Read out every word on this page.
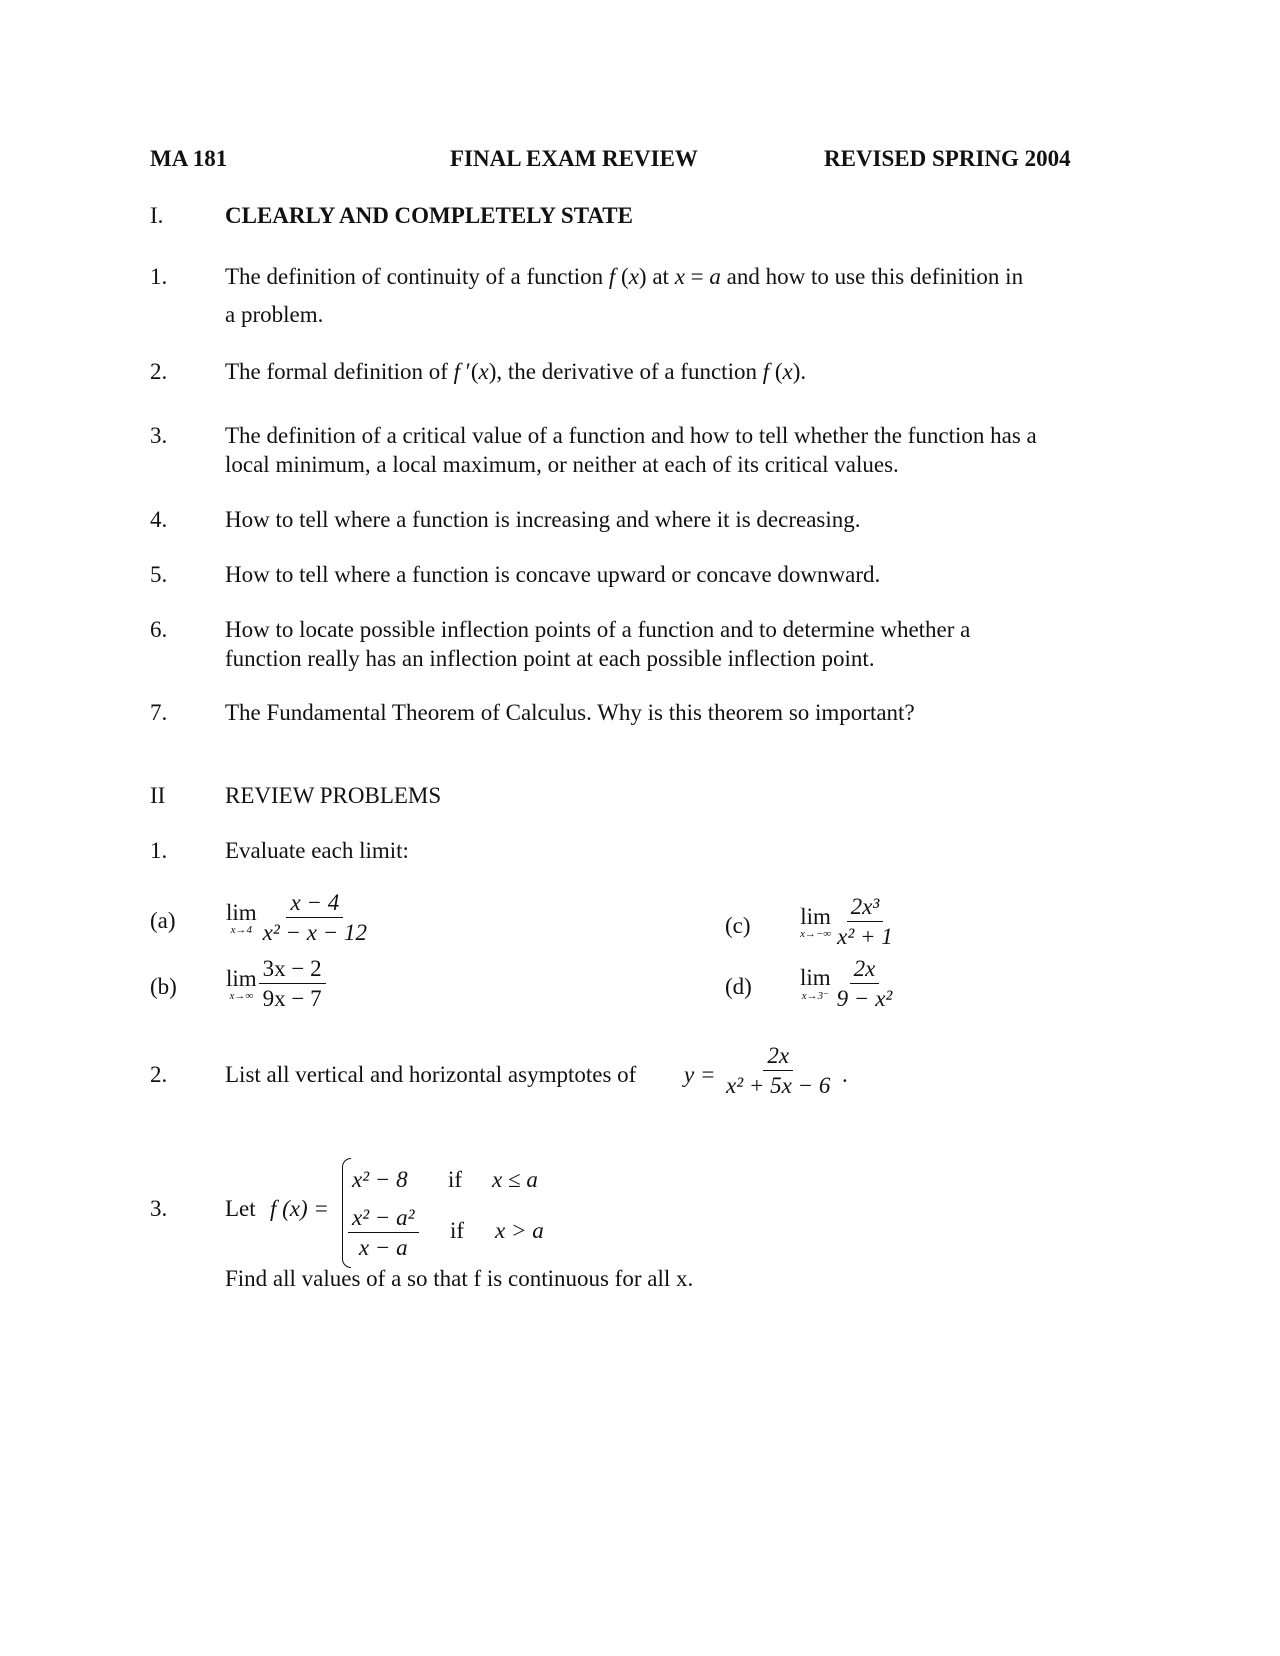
MA 181	FINAL EXAM REVIEW	REVISED SPRING 2004
I.	CLEARLY AND COMPLETELY STATE
1.	The definition of continuity of a function f (x) at x = a and how to use this definition in
a problem.
2.	The formal definition of f ′(x), the derivative of a function f (x).
3.	The definition of a critical value of a function and how to tell whether the function has a
local minimum, a local maximum, or neither at each of its critical values.
4.	How to tell where a function is increasing and where it is decreasing.
5.	How to tell where a function is concave upward or concave downward.
6.	How to locate possible inflection points of a function and to determine whether a
function really has an inflection point at each possible inflection point.
7.	The Fundamental Theorem of Calculus. Why is this theorem so important?
II	REVIEW PROBLEMS
1.	Evaluate each limit:
(a) lim
$x\to 4 \frac{x - 4}{\text{x² − x − 12}}$
(b) lim
$x\to\infty \frac{3x - 2}{9x - 7}$
(c) lim
$x\to-\infty \frac{\text{2x³}}{\text{x² + 1}}$
(d) lim
$x\to 3^- \frac{2x}{\text{9 − x²}}$
2.	List all vertical and horizontal asymptotes of $y = \frac{2x}{\text{x² + 5x − 6}}$ .
3.	Let f (x) =
x² − 8 if x ≤ a
$\frac{\text{x² − a²}}{x - a}$ if x > a
Find all values of a so that f is continuous for all x.
